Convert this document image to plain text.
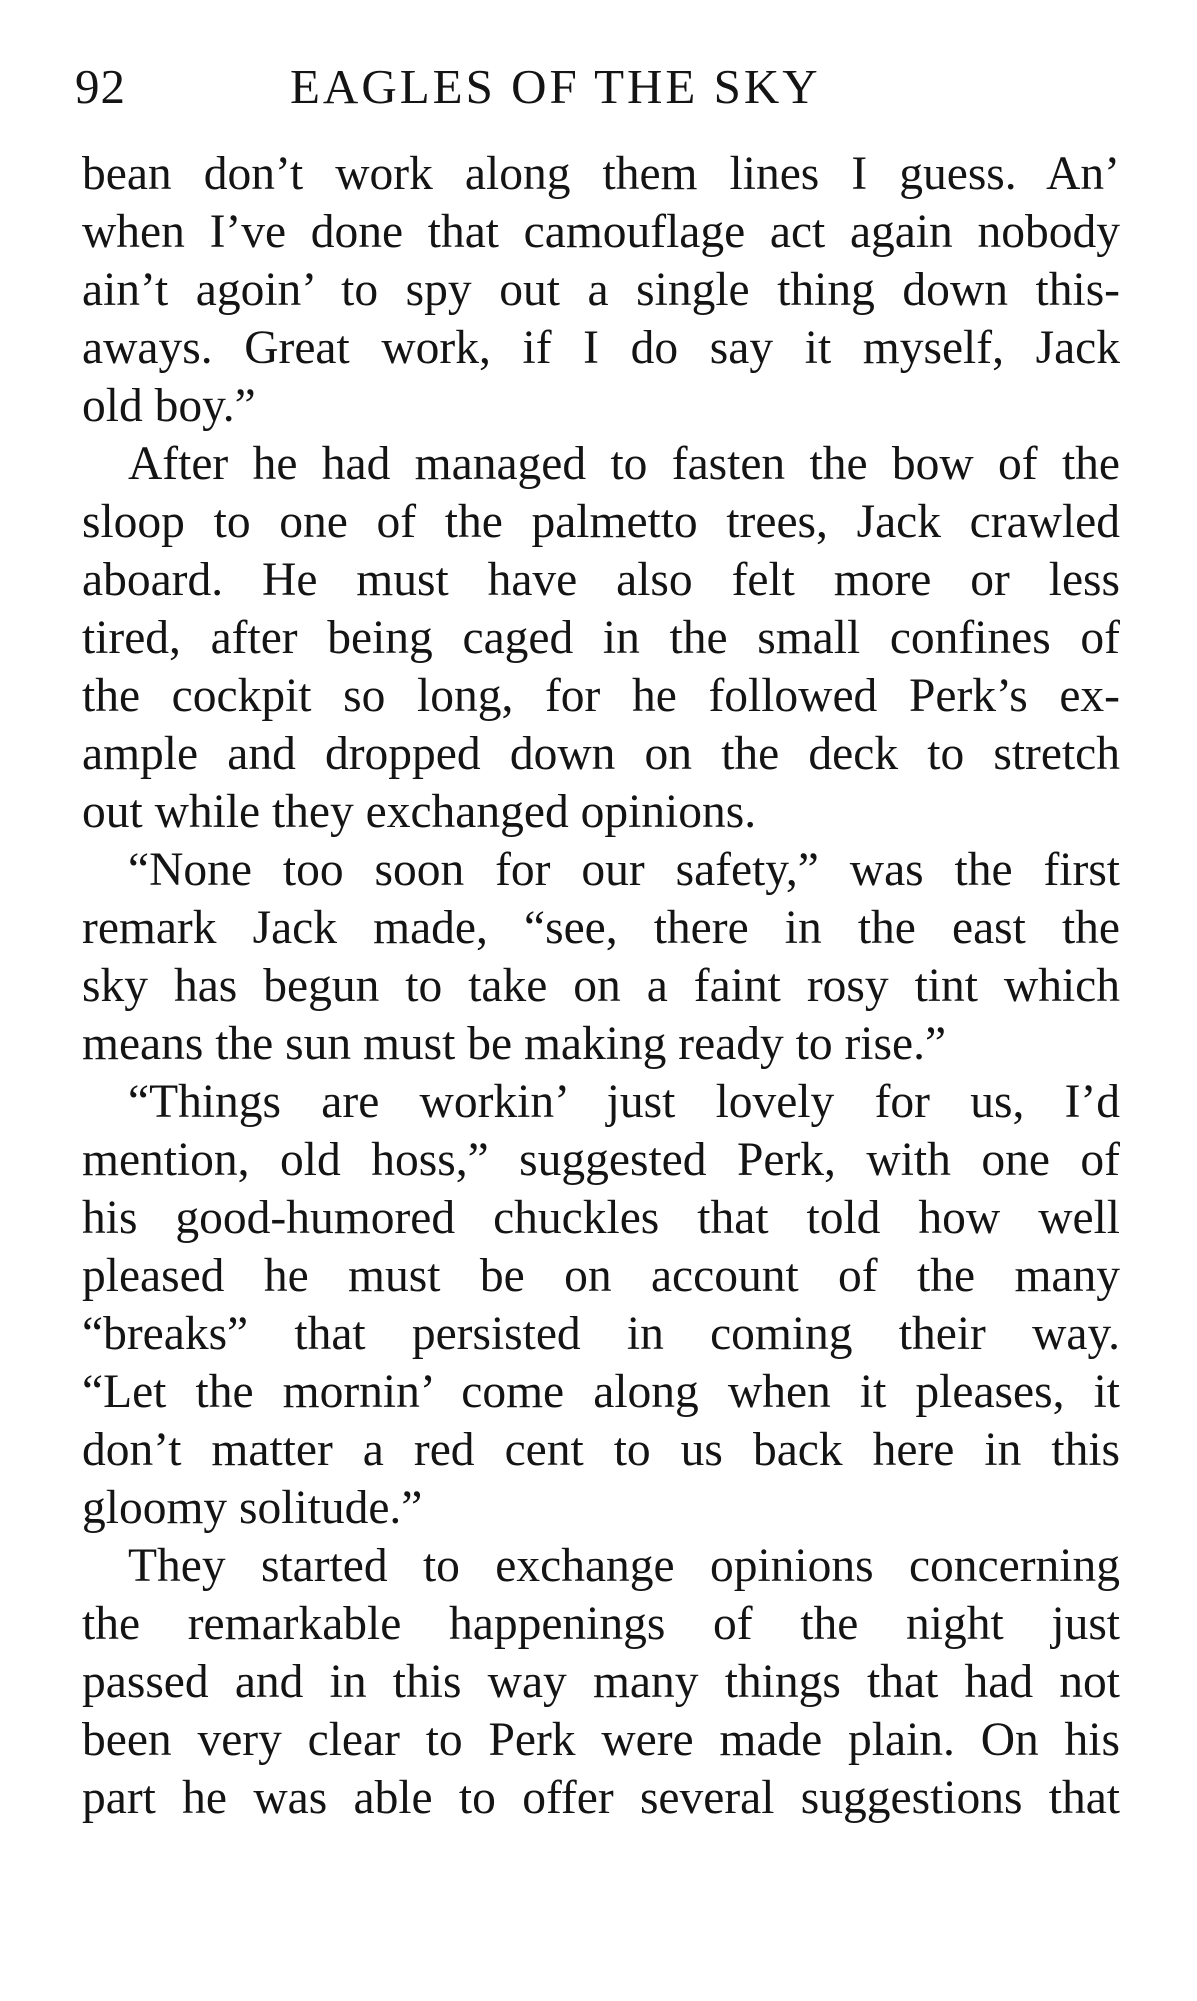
92	EAGLES OF THE SKY
bean don’t work along them lines I guess. An’
when I’ve done that camouflage act again nobody
ain’t agoin’ to spy out a single thing down this-
aways. Great work, if I do say it myself, Jack
old boy.”
After he had managed to fasten the bow of the
sloop to one of the palmetto trees, Jack crawled
aboard. He must have also felt more or less
tired, after being caged in the small confines of
the cockpit so long, for he followed Perk’s ex-
ample and dropped down on the deck to stretch
out while they exchanged opinions.
“None too soon for our safety,” was the first
remark Jack made, “see, there in the east the
sky has begun to take on a faint rosy tint which
means the sun must be making ready to rise.”
“Things are workin’ just lovely for us, I’d
mention, old hoss,” suggested Perk, with one of
his good-humored chuckles that told how well
pleased he must be on account of the many
“breaks” that persisted in coming their way.
“Let the mornin’ come along when it pleases, it
don’t matter a red cent to us back here in this
gloomy solitude.”
They started to exchange opinions concerning
the remarkable happenings of the night just
passed and in this way many things that had not
been very clear to Perk were made plain. On his
part he was able to offer several suggestions that
